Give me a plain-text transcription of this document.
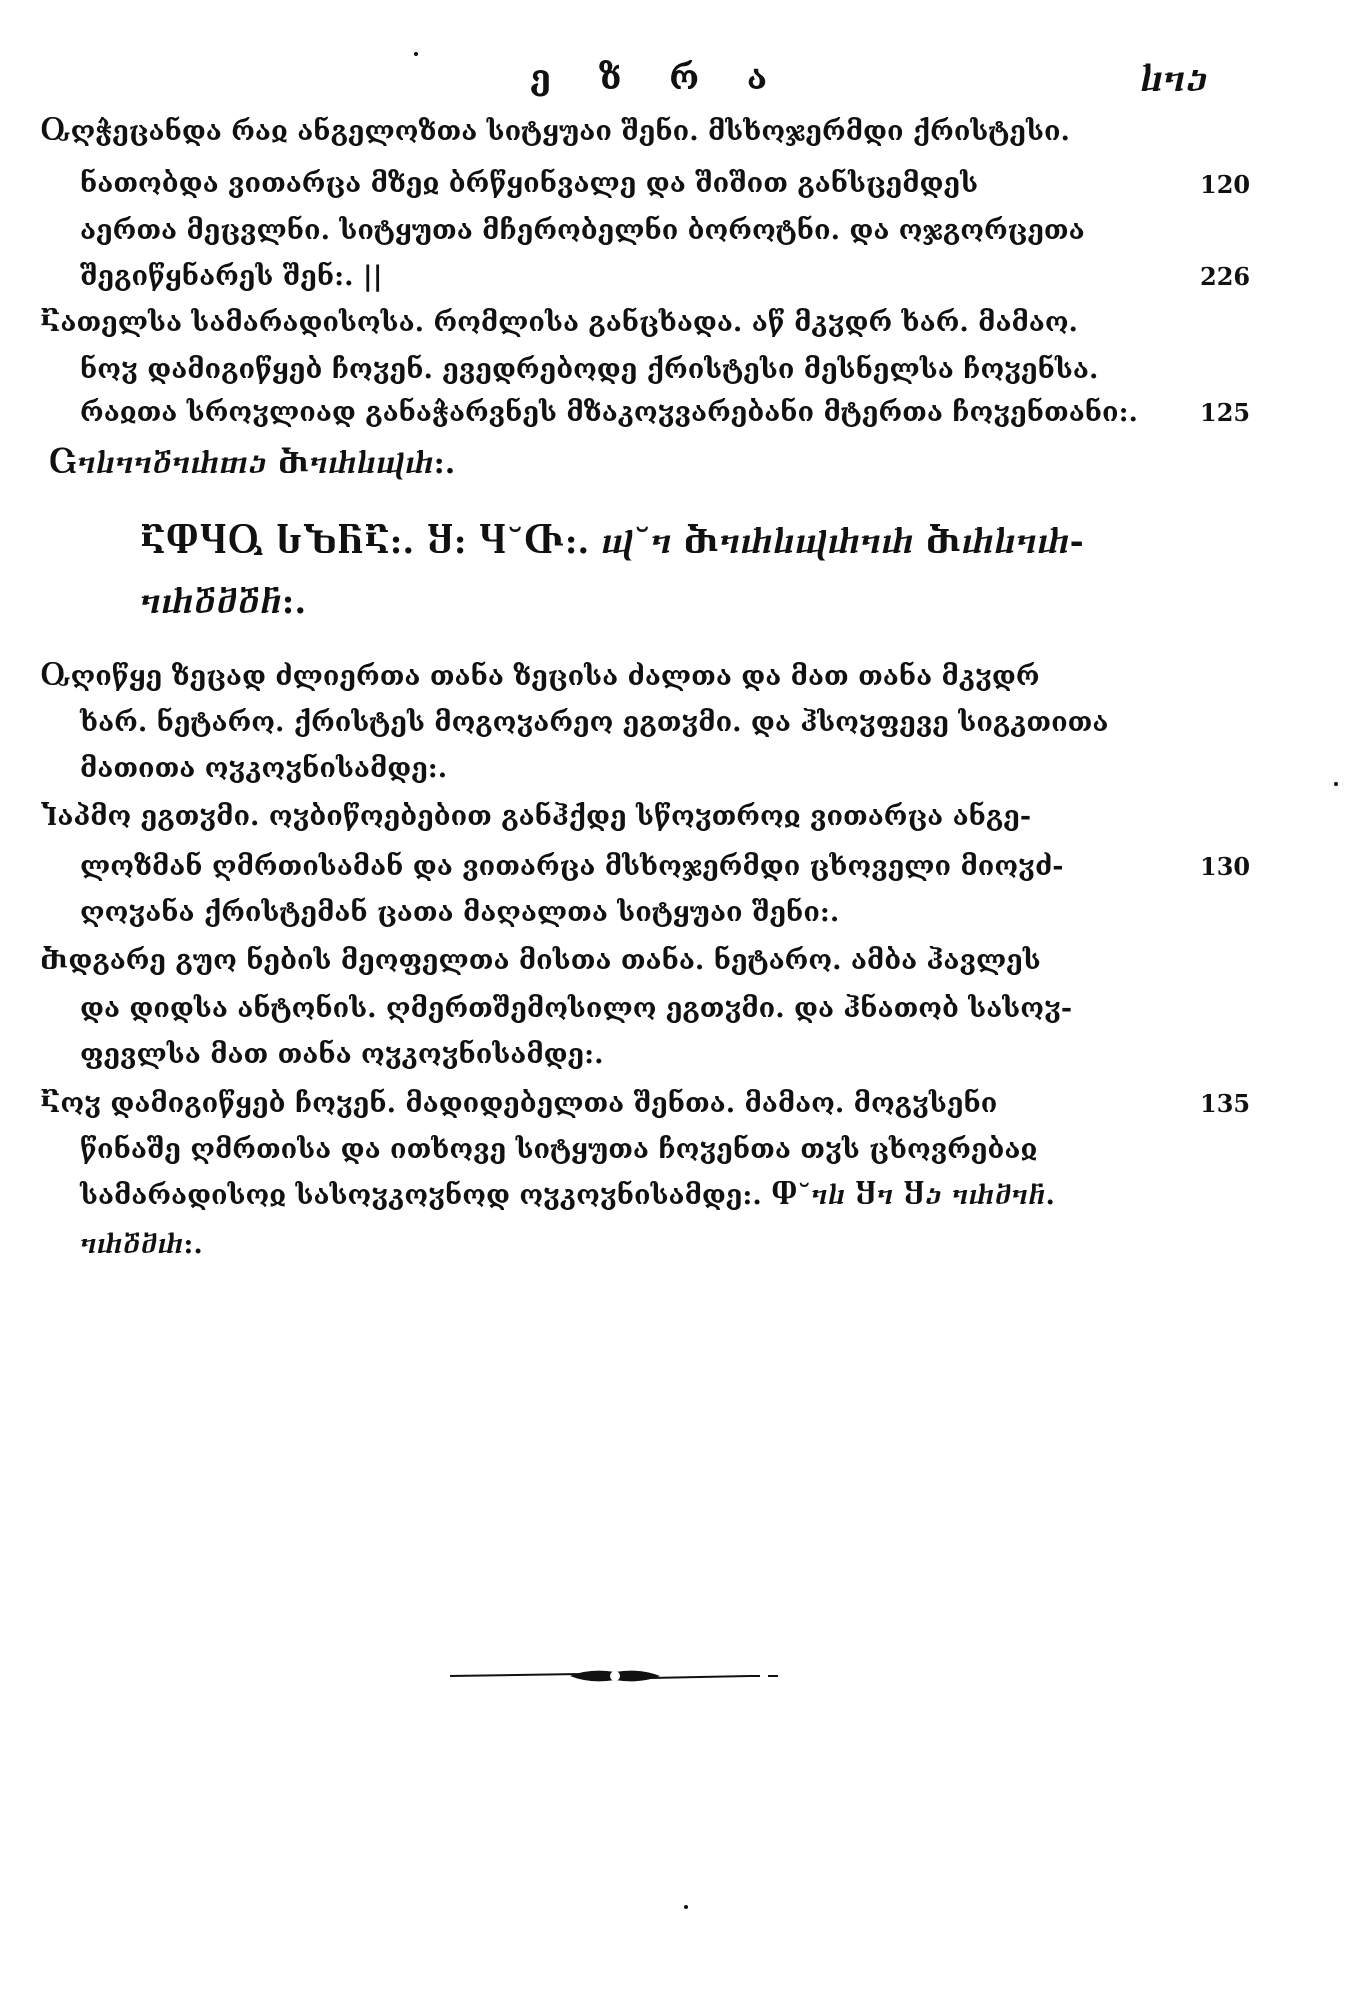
ე ზ რ ა	ⴑⴈⴢ
Ⴍღჭეცანდა რაჲ ანგელოზთა სიტყუაი შენი. მსხოჯერმდი ქრისტესი.
ნათობდა ვითარცა მზეჲ ბრწყინვალე და შიშით განსცემდეს	120
აერთა მეცვლნი. სიტყუთა მჩერობელნი ბოროტნი. და ოჯგორცეთა
შეგიწყნარეს შენ:. ||	226
Ⴀათელსა სამარადისოსა. რომლისა განცხადა. აწ მკჳდრ ხარ. მამაო.
ნოჳ დამიგიწყებ ჩოჳენ. ევედრებოდე ქრისტესი მესნელსა ჩოჳენსა.
რაჲთა სროჳლიად განაჭარვნეს მზაკოჳვარებანი მტერთა ჩოჳენთანი:.	125
Ⴚⴈⴑⴈⴈⴃⴈⴐⴇⴢ Ⴋⴈⴐⴑⴓⴐ:.
ႠႴႷႳ ႱႦႬႠ:. Ⴘ: Ⴗ˘Ⴇ:. ⴓ˘ⴈ Ⴋⴈⴐⴑⴓⴐⴈⴐ Ⴋⴐⴑⴈⴐ-
ⴈⴐⴃⴋⴃⴌ:.
Ⴍღიწყე ზეცად ძლიერთა თანა ზეცისა ძალთა და მათ თანა მკჳდრ
ხარ. ნეტარო. ქრისტეს მოგოჳარეო ეგთჳმი. და ჰსოჳფევე სიგკთითა
მათითა ოჳკოჳნისამდე:.
Ⴈაპმო ეგთჳმი. ოჳბიწოებებით განჰქდე სწოჳთროჲ ვითარცა ანგე-
ლოზმან ღმრთისამან და ვითარცა მსხოჯერმდი ცხოველი მიოჳძ-	130
ღოჳანა ქრისტემან ცათა მაღალთა სიტყუაი შენი:.
Ⴋდგარე გუო ნების მეოფელთა მისთა თანა. ნეტარო. ამბა ჰავლეს
და დიდსა ანტონის. ღმერთშემოსილო ეგთჳმი. და ჰნათობ სასოჳ-
ფევლსა მათ თანა ოჳკოჳნისამდე:.
Ⴀოჳ დამიგიწყებ ჩოჳენ. მადიდებელთა შენთა. მამაო. მოგჳსენი	135
წინაშე ღმრთისა და ითხოვე სიტყუთა ჩოჳენთა თჳს ცხოვრებაჲ
სამარადისოჲ სასოჳკოჳნოდ ოჳკოჳნისამდე:. Ⴔ˘ⴈⴑ Ⴘⴈ Ⴘⴢ ⴈⴐⴋⴈⴌ.
ⴈⴐⴃⴋⴐ:.
